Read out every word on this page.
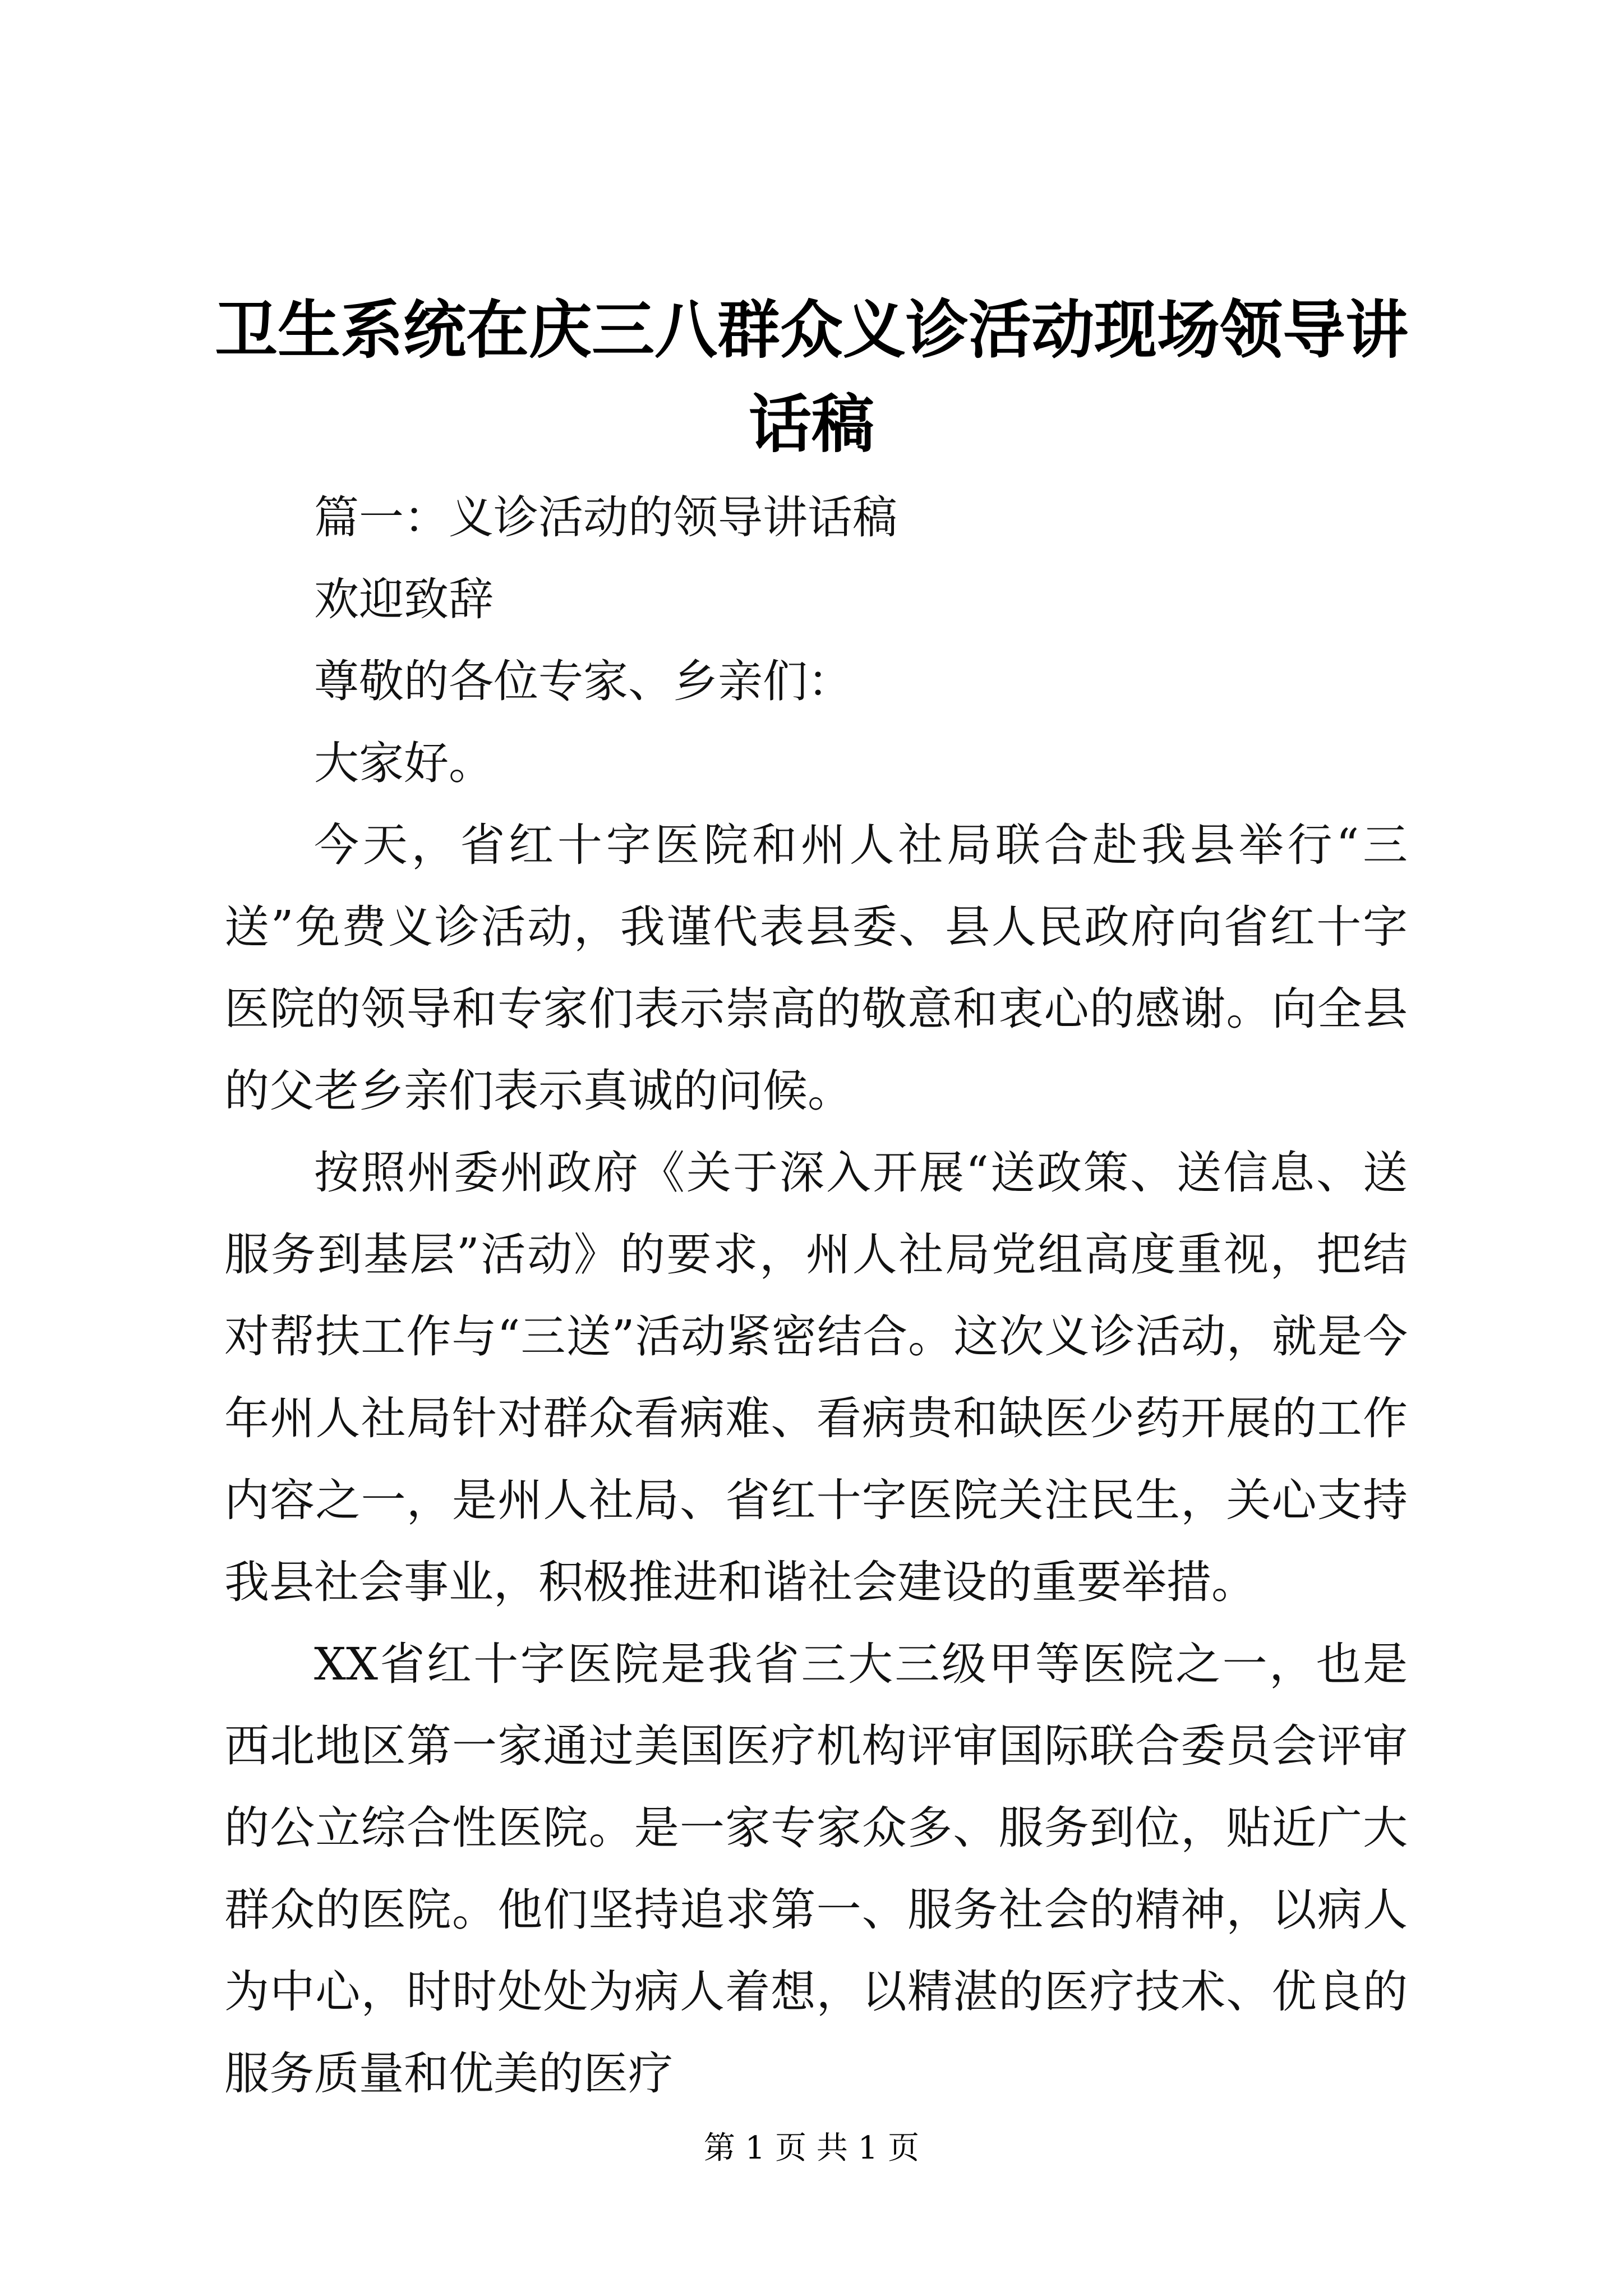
卫生系统在庆三八群众义诊活动现场领导讲话稿

篇一：义诊活动的领导讲话稿

欢迎致辞

尊敬的各位专家、乡亲们：

大家好。

今天，省红十字医院和州人社局联合赴我县举行“三送”免费义诊活动，我谨代表县委、县人民政府向省红十字医院的领导和专家们表示崇高的敬意和衷心的感谢。向全县的父老乡亲们表示真诚的问候。

按照州委州政府《关于深入开展“送政策、送信息、送服务到基层”活动》的要求，州人社局党组高度重视，把结对帮扶工作与“三送”活动紧密结合。这次义诊活动，就是今年州人社局针对群众看病难、看病贵和缺医少药开展的工作内容之一，是州人社局、省红十字医院关注民生，关心支持我县社会事业，积极推进和谐社会建设的重要举措。

XX省红十字医院是我省三大三级甲等医院之一，也是西北地区第一家通过美国医疗机构评审国际联合委员会评审的公立综合性医院。是一家专家众多、服务到位，贴近广大群众的医院。他们坚持追求第一、服务社会的精神，以病人为中心，时时处处为病人着想，以精湛的医疗技术、优良的服务质量和优美的医疗

第 1 页 共 1 页
